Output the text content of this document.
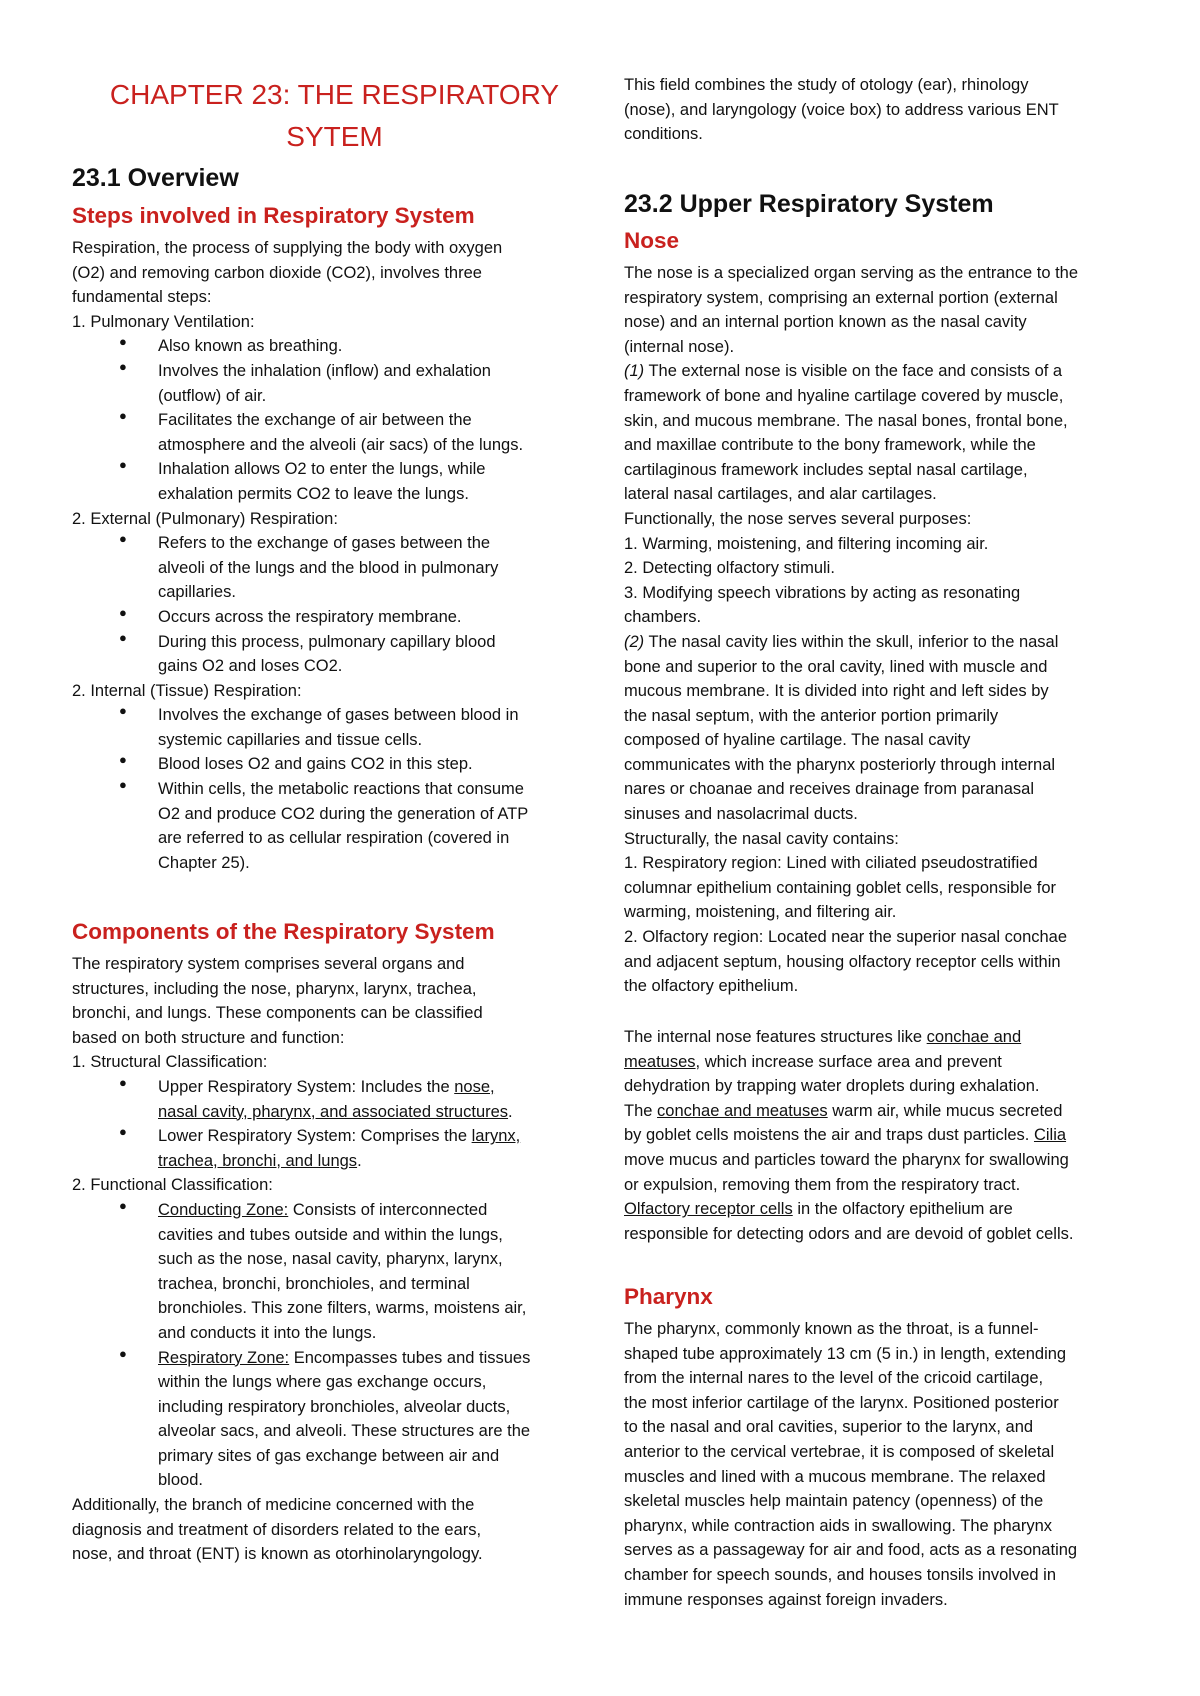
CHAPTER 23: THE RESPIRATORY
SYTEM
23.1 Overview
Steps involved in Respiratory System
Respiration, the process of supplying the body with oxygen
(O2) and removing carbon dioxide (CO2), involves three
fundamental steps:
1. Pulmonary Ventilation:
● Also known as breathing.
● Involves the inhalation (inflow) and exhalation
(outflow) of air.
● Facilitates the exchange of air between the
atmosphere and the alveoli (air sacs) of the lungs.
● Inhalation allows O2 to enter the lungs, while
exhalation permits CO2 to leave the lungs.
2. External (Pulmonary) Respiration:
● Refers to the exchange of gases between the
alveoli of the lungs and the blood in pulmonary
capillaries.
● Occurs across the respiratory membrane.
● During this process, pulmonary capillary blood
gains O2 and loses CO2.
2. Internal (Tissue) Respiration:
● Involves the exchange of gases between blood in
systemic capillaries and tissue cells.
● Blood loses O2 and gains CO2 in this step.
● Within cells, the metabolic reactions that consume
O2 and produce CO2 during the generation of ATP
are referred to as cellular respiration (covered in
Chapter 25).
Components of the Respiratory System
The respiratory system comprises several organs and
structures, including the nose, pharynx, larynx, trachea,
bronchi, and lungs. These components can be classified
based on both structure and function:
1. Structural Classification:
● Upper Respiratory System: Includes the nose,
nasal cavity, pharynx, and associated structures.
● Lower Respiratory System: Comprises the larynx,
trachea, bronchi, and lungs.
2. Functional Classification:
● Conducting Zone: Consists of interconnected
cavities and tubes outside and within the lungs,
such as the nose, nasal cavity, pharynx, larynx,
trachea, bronchi, bronchioles, and terminal
bronchioles. This zone filters, warms, moistens air,
and conducts it into the lungs.
● Respiratory Zone: Encompasses tubes and tissues
within the lungs where gas exchange occurs,
including respiratory bronchioles, alveolar ducts,
alveolar sacs, and alveoli. These structures are the
primary sites of gas exchange between air and
blood.
Additionally, the branch of medicine concerned with the
diagnosis and treatment of disorders related to the ears,
nose, and throat (ENT) is known as otorhinolaryngology.
This field combines the study of otology (ear), rhinology
(nose), and laryngology (voice box) to address various ENT
conditions.
23.2 Upper Respiratory System
Nose
The nose is a specialized organ serving as the entrance to the
respiratory system, comprising an external portion (external
nose) and an internal portion known as the nasal cavity
(internal nose).
(1) The external nose is visible on the face and consists of a
framework of bone and hyaline cartilage covered by muscle,
skin, and mucous membrane. The nasal bones, frontal bone,
and maxillae contribute to the bony framework, while the
cartilaginous framework includes septal nasal cartilage,
lateral nasal cartilages, and alar cartilages.
Functionally, the nose serves several purposes:
1. Warming, moistening, and filtering incoming air.
2. Detecting olfactory stimuli.
3. Modifying speech vibrations by acting as resonating
chambers.
(2) The nasal cavity lies within the skull, inferior to the nasal
bone and superior to the oral cavity, lined with muscle and
mucous membrane. It is divided into right and left sides by
the nasal septum, with the anterior portion primarily
composed of hyaline cartilage. The nasal cavity
communicates with the pharynx posteriorly through internal
nares or choanae and receives drainage from paranasal
sinuses and nasolacrimal ducts.
Structurally, the nasal cavity contains:
1. Respiratory region: Lined with ciliated pseudostratified
columnar epithelium containing goblet cells, responsible for
warming, moistening, and filtering air.
2. Olfactory region: Located near the superior nasal conchae
and adjacent septum, housing olfactory receptor cells within
the olfactory epithelium.
The internal nose features structures like conchae and
meatuses, which increase surface area and prevent
dehydration by trapping water droplets during exhalation.
The conchae and meatuses warm air, while mucus secreted
by goblet cells moistens the air and traps dust particles. Cilia
move mucus and particles toward the pharynx for swallowing
or expulsion, removing them from the respiratory tract.
Olfactory receptor cells in the olfactory epithelium are
responsible for detecting odors and are devoid of goblet cells.
Pharynx
The pharynx, commonly known as the throat, is a funnel-
shaped tube approximately 13 cm (5 in.) in length, extending
from the internal nares to the level of the cricoid cartilage,
the most inferior cartilage of the larynx. Positioned posterior
to the nasal and oral cavities, superior to the larynx, and
anterior to the cervical vertebrae, it is composed of skeletal
muscles and lined with a mucous membrane. The relaxed
skeletal muscles help maintain patency (openness) of the
pharynx, while contraction aids in swallowing. The pharynx
serves as a passageway for air and food, acts as a resonating
chamber for speech sounds, and houses tonsils involved in
immune responses against foreign invaders.
